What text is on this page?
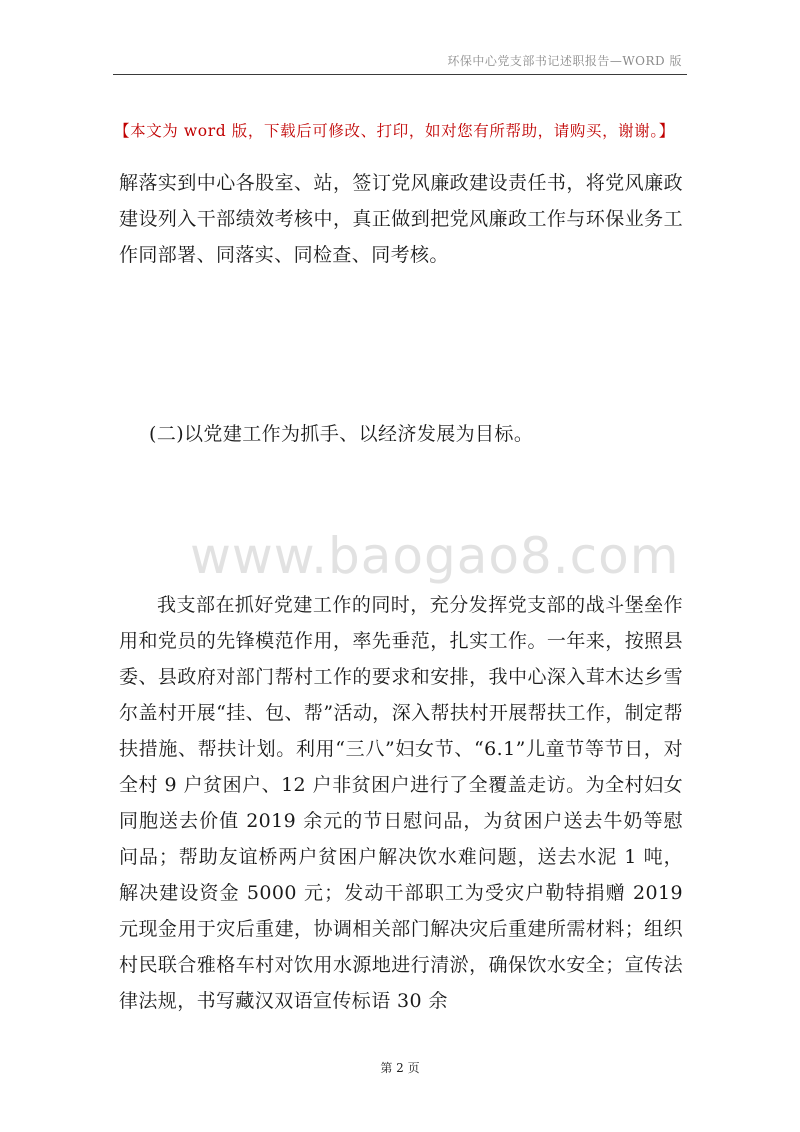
环保中心党支部书记述职报告—WORD 版
【本文为 word 版，下载后可修改、打印，如对您有所帮助，请购买，谢谢。】

解落实到中心各股室、站，签订党风廉政建设责任书，将党风廉政建设列入干部绩效考核中，真正做到把党风廉政工作与环保业务工作同部署、同落实、同检查、同考核。

(二)以党建工作为抓手、以经济发展为目标。

www.baogao8.com

我支部在抓好党建工作的同时，充分发挥党支部的战斗堡垒作用和党员的先锋模范作用，率先垂范，扎实工作。一年来，按照县委、县政府对部门帮村工作的要求和安排，我中心深入茸木达乡雪尔盖村开展“挂、包、帮”活动，深入帮扶村开展帮扶工作，制定帮扶措施、帮扶计划。利用“三八”妇女节、“6.1”儿童节等节日，对全村 9 户贫困户、12 户非贫困户进行了全覆盖走访。为全村妇女同胞送去价值 2019 余元的节日慰问品，为贫困户送去牛奶等慰问品；帮助友谊桥两户贫困户解决饮水难问题，送去水泥 1 吨，解决建设资金 5000 元；发动干部职工为受灾户勒特捐赠 2019 元现金用于灾后重建，协调相关部门解决灾后重建所需材料；组织村民联合雅格车村对饮用水源地进行清淤，确保饮水安全；宣传法律法规，书写藏汉双语宣传标语 30 余

第 2 页
